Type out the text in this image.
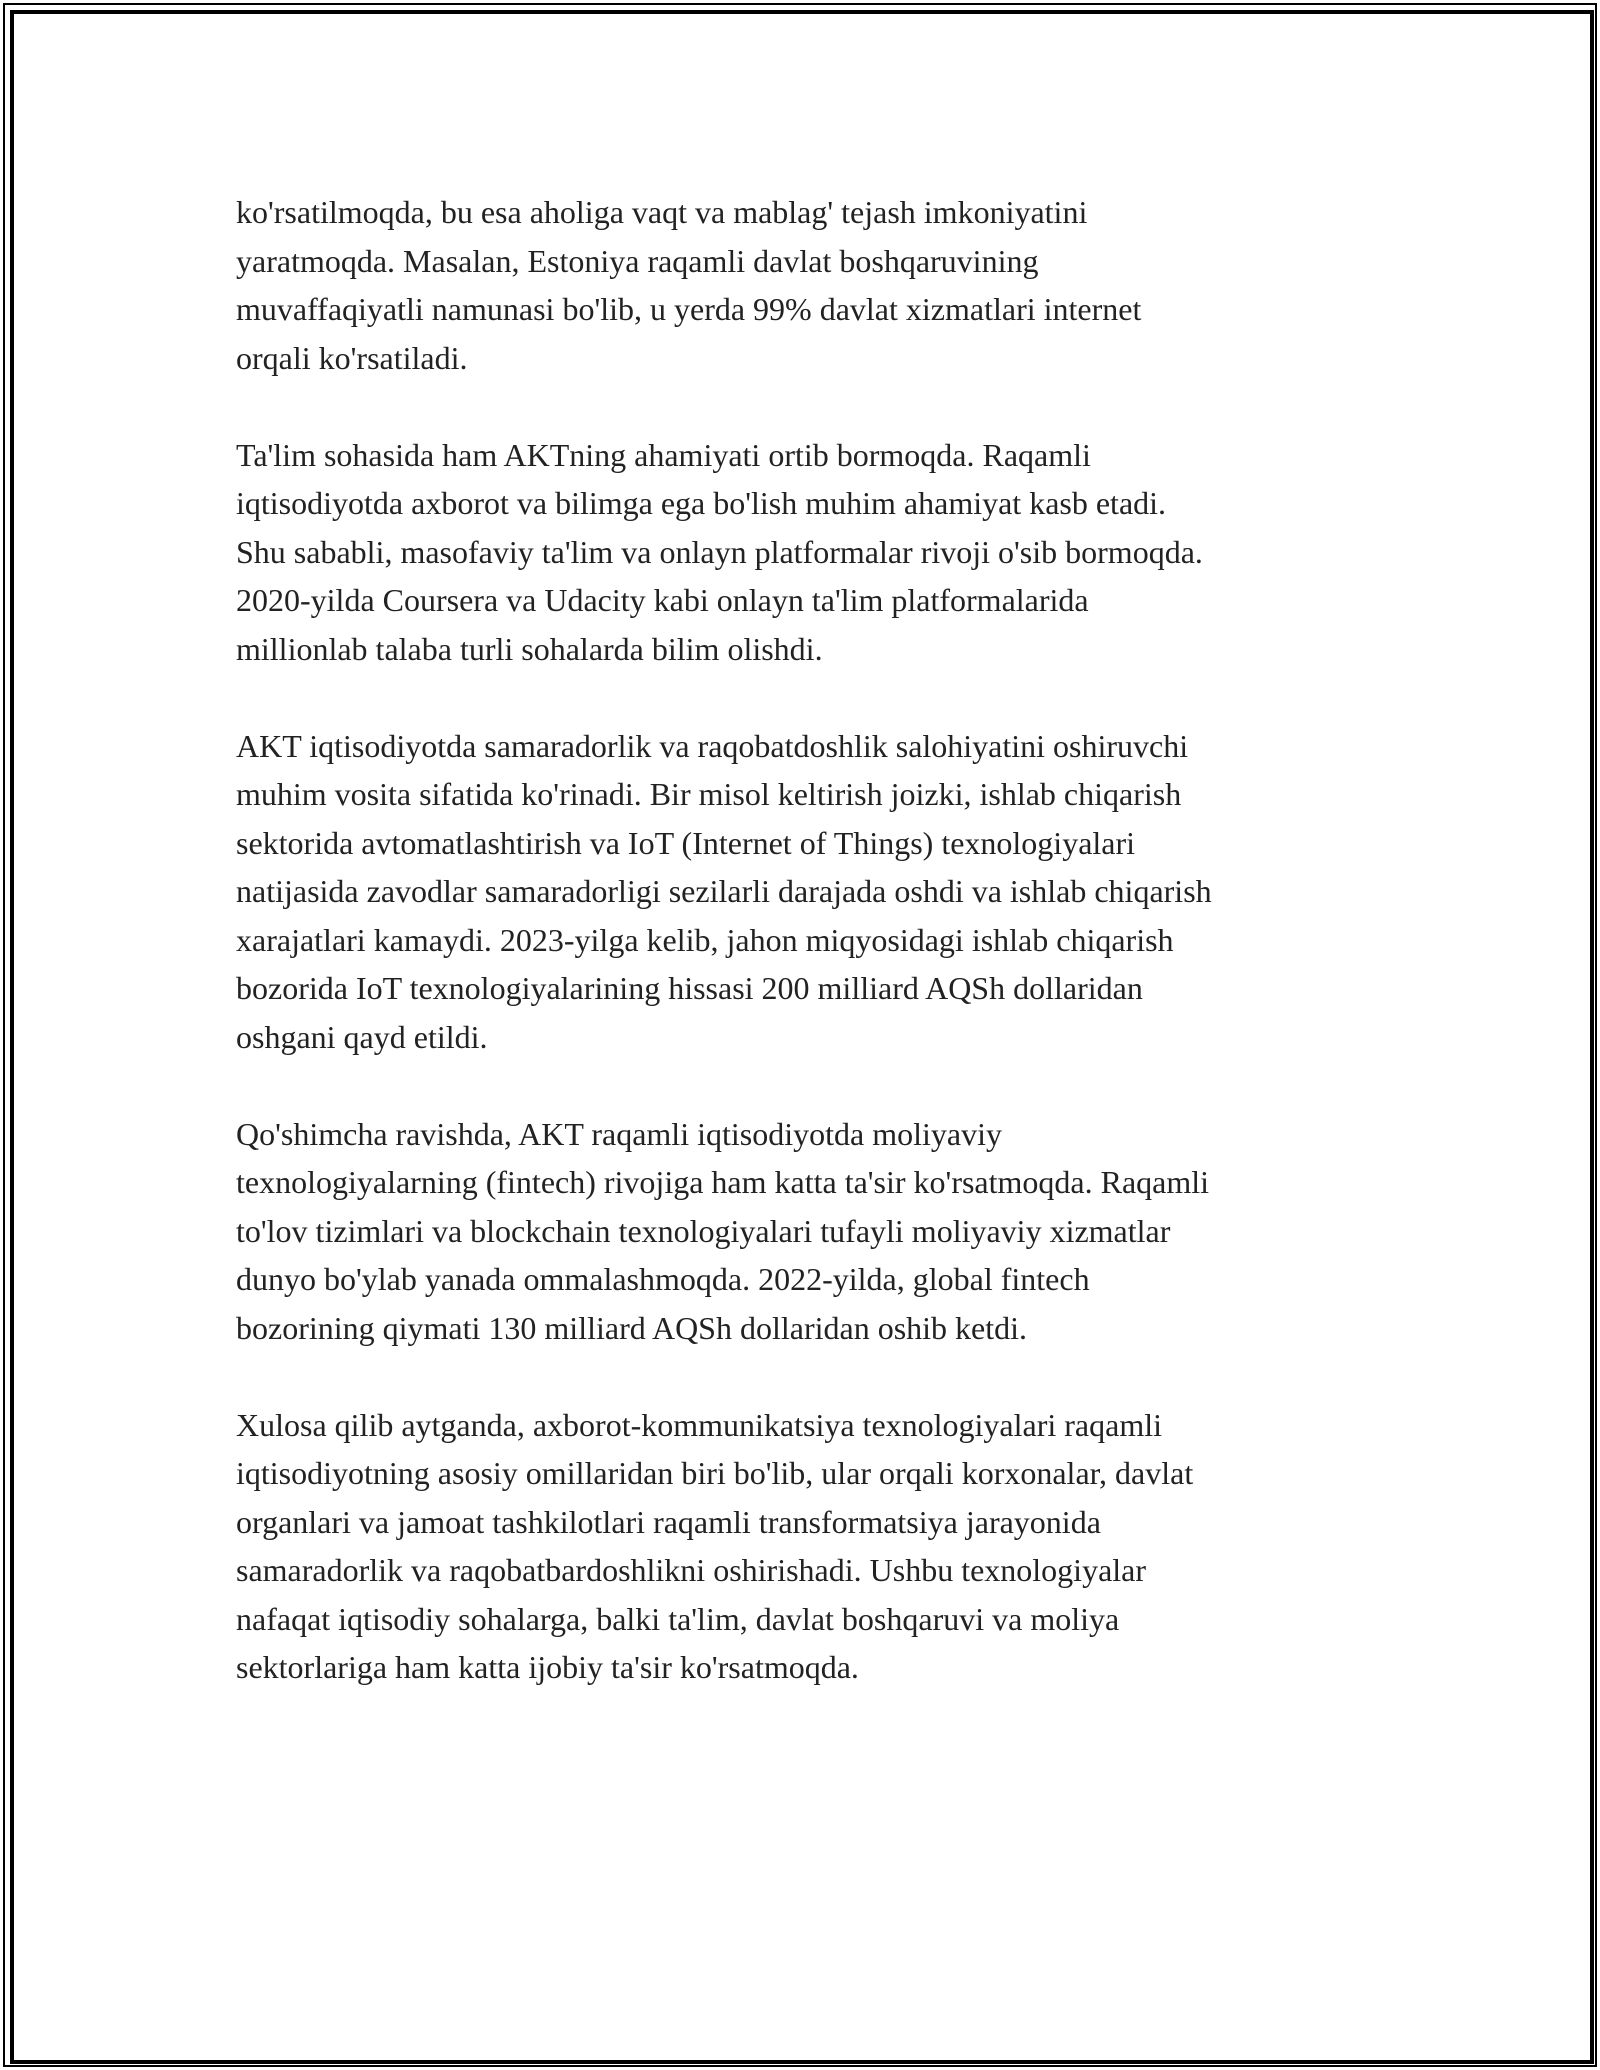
ko'rsatilmoqda, bu esa aholiga vaqt va mablag' tejash imkoniyatini
yaratmoqda. Masalan, Estoniya raqamli davlat boshqaruvining
muvaffaqiyatli namunasi bo'lib, u yerda 99% davlat xizmatlari internet
orqali ko'rsatiladi.

Ta'lim sohasida ham AKTning ahamiyati ortib bormoqda. Raqamli
iqtisodiyotda axborot va bilimga ega bo'lish muhim ahamiyat kasb etadi.
Shu sababli, masofaviy ta'lim va onlayn platformalar rivoji o'sib bormoqda.
2020-yilda Coursera va Udacity kabi onlayn ta'lim platformalarida
millionlab talaba turli sohalarda bilim olishdi.

AKT iqtisodiyotda samaradorlik va raqobatdoshlik salohiyatini oshiruvchi
muhim vosita sifatida ko'rinadi. Bir misol keltirish joizki, ishlab chiqarish
sektorida avtomatlashtirish va IoT (Internet of Things) texnologiyalari
natijasida zavodlar samaradorligi sezilarli darajada oshdi va ishlab chiqarish
xarajatlari kamaydi. 2023-yilga kelib, jahon miqyosidagi ishlab chiqarish
bozorida IoT texnologiyalarining hissasi 200 milliard AQSh dollaridan
oshgani qayd etildi.

Qo'shimcha ravishda, AKT raqamli iqtisodiyotda moliyaviy
texnologiyalarning (fintech) rivojiga ham katta ta'sir ko'rsatmoqda. Raqamli
to'lov tizimlari va blockchain texnologiyalari tufayli moliyaviy xizmatlar
dunyo bo'ylab yanada ommalashmoqda. 2022-yilda, global fintech
bozorining qiymati 130 milliard AQSh dollaridan oshib ketdi.

Xulosa qilib aytganda, axborot-kommunikatsiya texnologiyalari raqamli
iqtisodiyotning asosiy omillaridan biri bo'lib, ular orqali korxonalar, davlat
organlari va jamoat tashkilotlari raqamli transformatsiya jarayonida
samaradorlik va raqobatbardoshlikni oshirishadi. Ushbu texnologiyalar
nafaqat iqtisodiy sohalarga, balki ta'lim, davlat boshqaruvi va moliya
sektorlariga ham katta ijobiy ta'sir ko'rsatmoqda.
